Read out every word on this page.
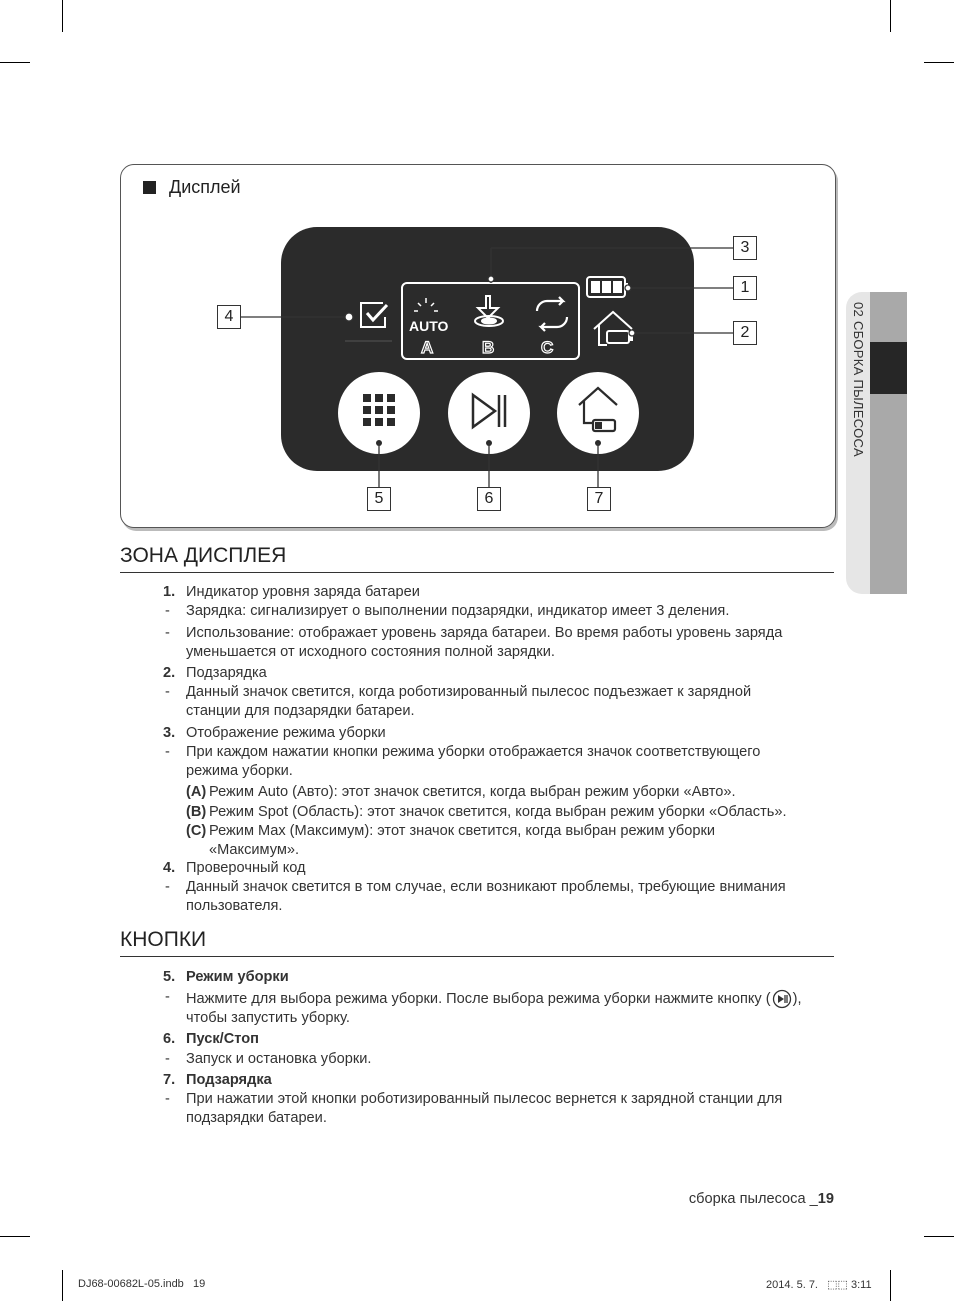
02 СБОРКА ПЫЛЕСОСА
Дисплей
AUTO
A	B	C
3
1
2
4
5	6	7
ЗОНА ДИСПЛЕЯ
1. Индикатор уровня заряда батареи
- Зарядка: сигнализирует о выполнении подзарядки, индикатор имеет 3 деления.
- Использование: отображает уровень заряда батареи. Во время работы уровень заряда
уменьшается от исходного состояния полной зарядки.
2. Подзарядка
- Данный значок светится, когда роботизированный пылесос подъезжает к зарядной
станции для подзарядки батареи.
3. Отображение режима уборки
- При каждом нажатии кнопки режима уборки отображается значок соответствующего
режима уборки.
(A) Режим Auto (Авто): этот значок светится, когда выбран режим уборки «Авто».
(B) Режим Spot (Область): этот значок светится, когда выбран режим уборки «Область».
(C) Режим Max (Максимум): этот значок светится, когда выбран режим уборки
«Максимум».
4. Проверочный код
- Данный значок светится в том случае, если возникают проблемы, требующие внимания
пользователя.
КНОПКИ
5. Режим уборки
- Нажмите для выбора режима уборки. После выбора режима уборки нажмите кнопку ( ),
чтобы запустить уборку.
6. Пуск/Стоп
- Запуск и остановка уборки.
7. Подзарядка
- При нажатии этой кнопки роботизированный пылесос вернется к зарядной станции для
подзарядки батареи.
сборка пылесоса _19
DJ68-00682L-05.indb   19	2014. 5. 7.   ⬚⬚ 3:11
